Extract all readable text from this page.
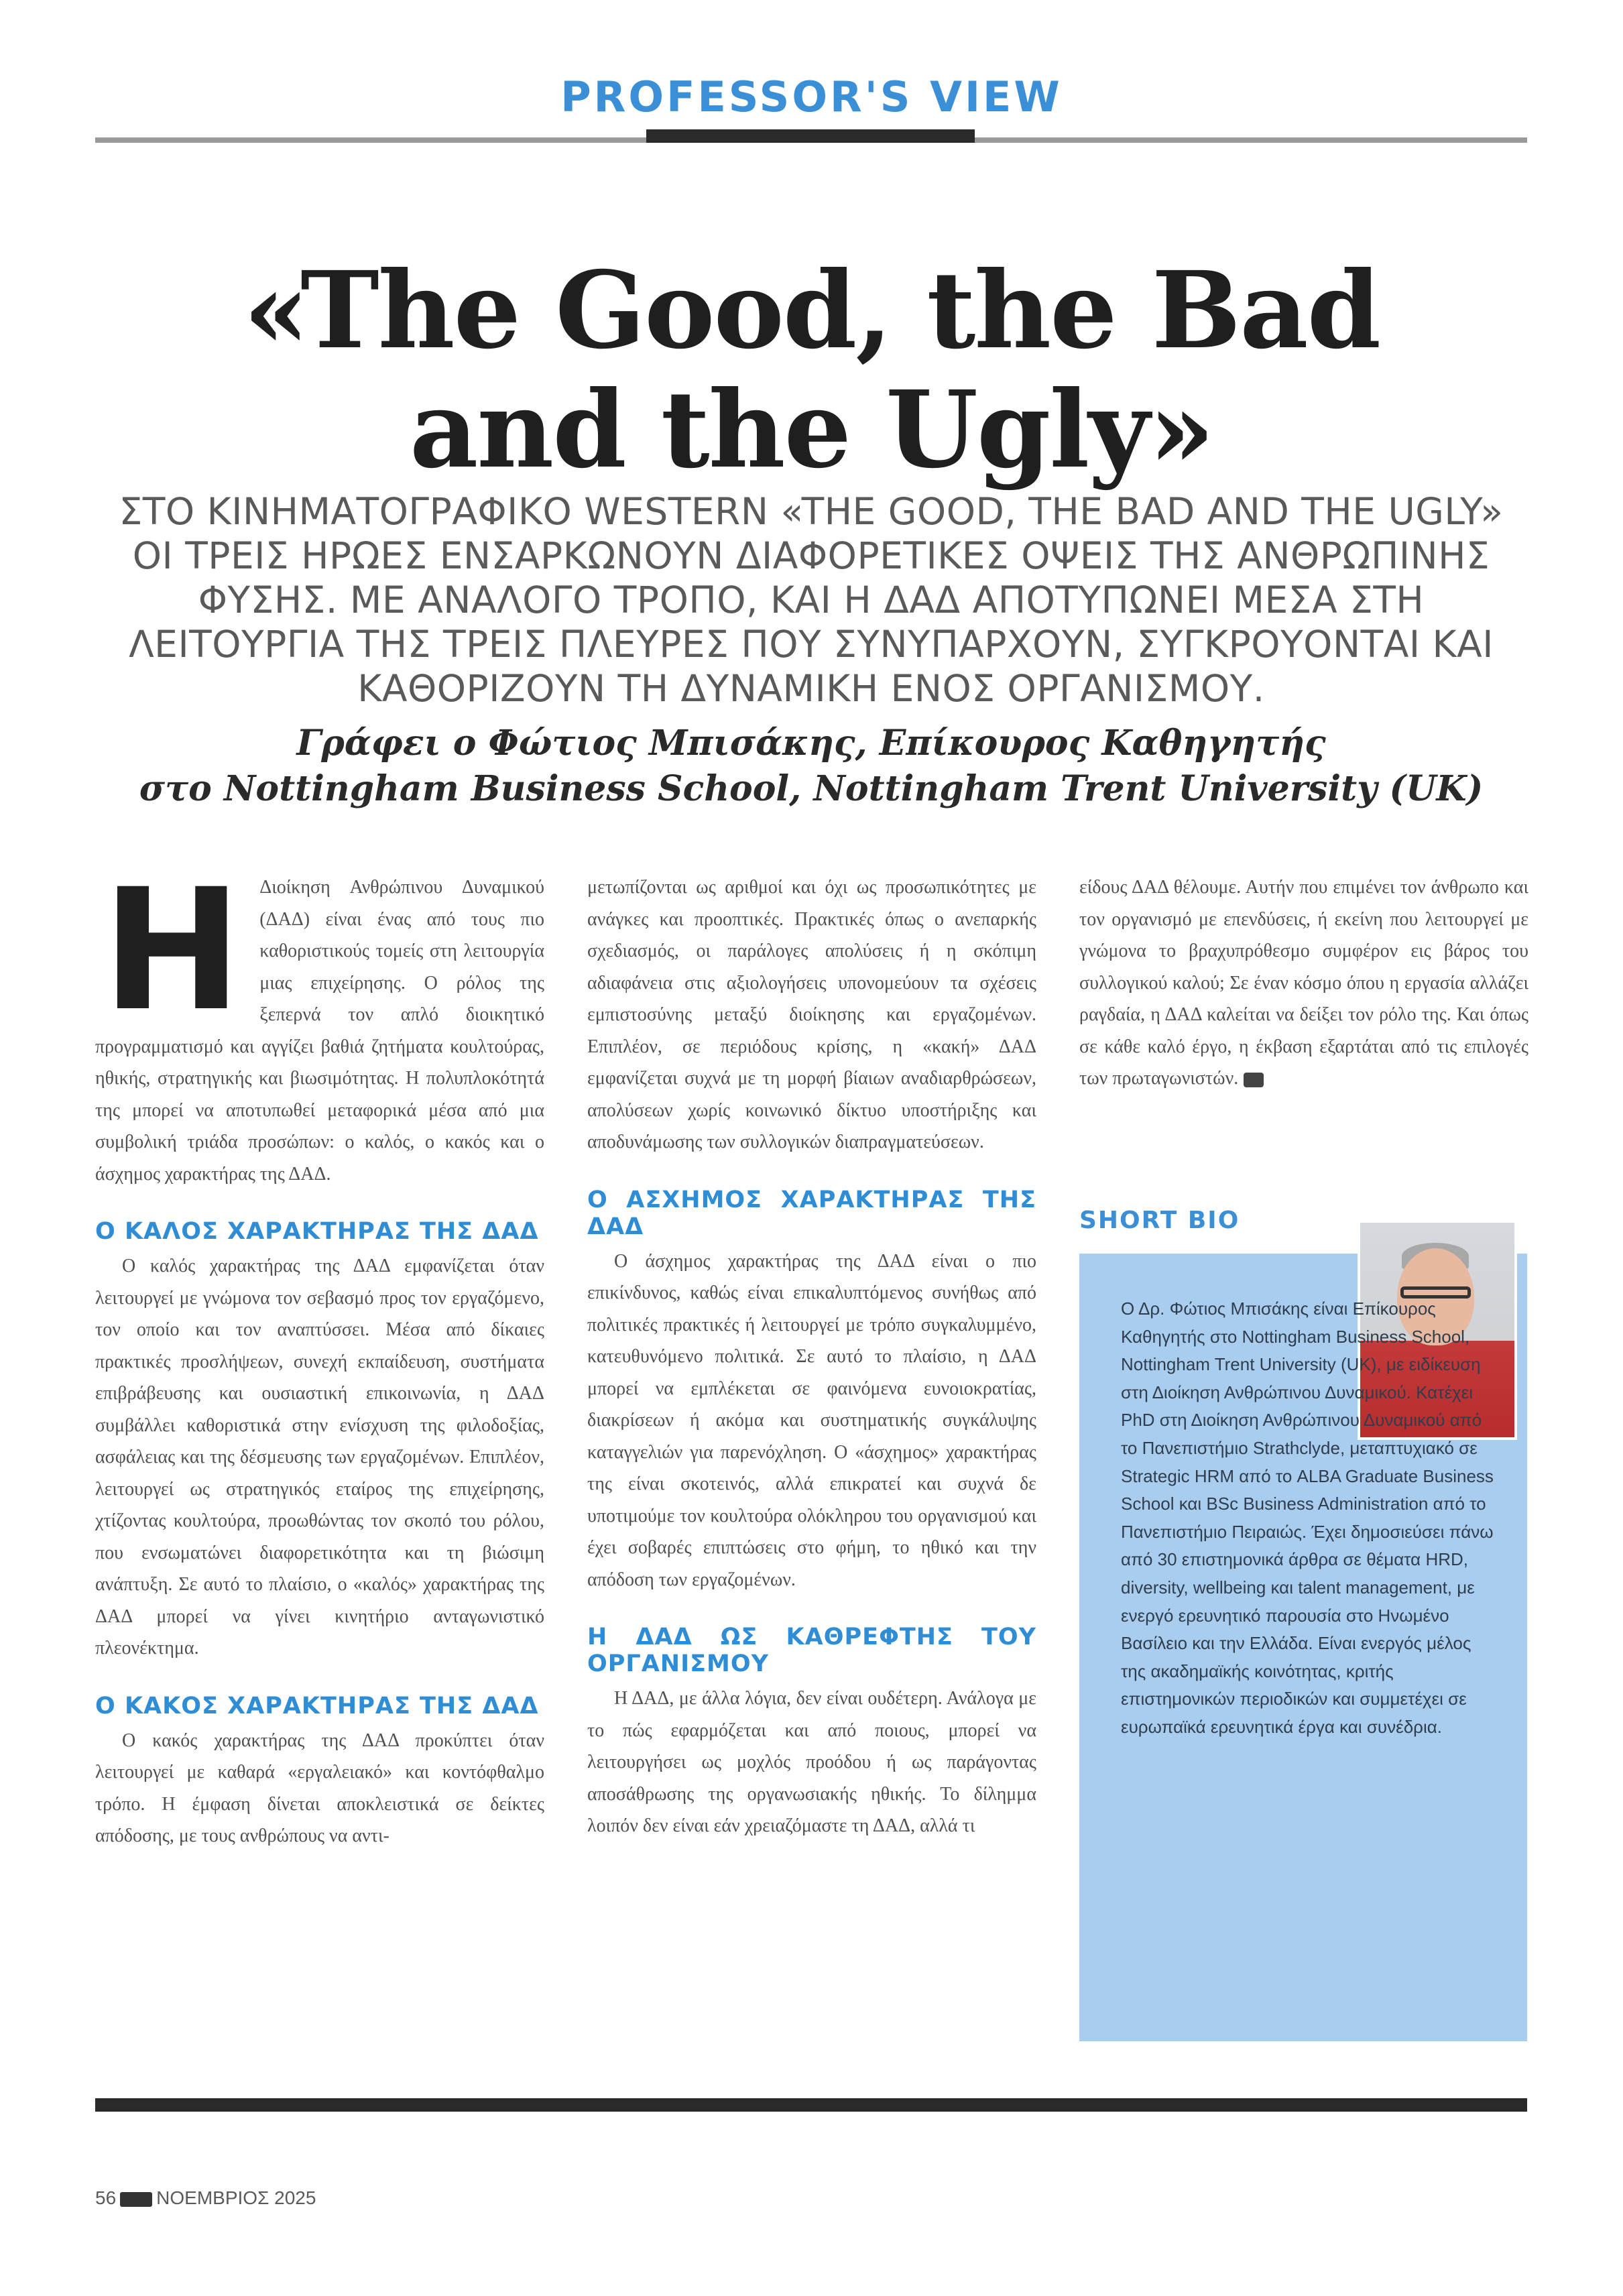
PROFESSOR'S VIEW
«The Good, the Bad
and the Ugly»

ΣΤΟ ΚΙΝΗΜΑΤΟΓΡΑΦΙΚΟ WESTERN «THE GOOD, THE BAD AND THE UGLY» ΟΙ ΤΡΕΙΣ ΗΡΩΕΣ ΕΝΣΑΡΚΩΝΟΥΝ ΔΙΑΦΟΡΕΤΙΚΕΣ ΟΨΕΙΣ ΤΗΣ ΑΝΘΡΩΠΙΝΗΣ ΦΥΣΗΣ. ΜΕ ΑΝΑΛΟΓΟ ΤΡΟΠΟ, ΚΑΙ Η ΔΑΔ ΑΠΟΤΥΠΩΝΕΙ ΜΕΣΑ ΣΤΗ ΛΕΙΤΟΥΡΓΙΑ ΤΗΣ ΤΡΕΙΣ ΠΛΕΥΡΕΣ ΠΟΥ ΣΥΝΥΠΑΡΧΟΥΝ, ΣΥΓΚΡΟΥΟΝΤΑΙ ΚΑΙ ΚΑΘΟΡΙΖΟΥΝ ΤΗ ΔΥΝΑΜΙΚΗ ΕΝΟΣ ΟΡΓΑΝΙΣΜΟΥ.

Γράφει ο Φώτιος Μπισάκης, Επίκουρος Καθηγητής
στο Nottingham Business School, Nottingham Trent University (UK)

Η Διοίκηση Ανθρώπινου Δυναμικού (ΔΑΔ) είναι ένας από τους πιο καθοριστικούς τομείς στη λειτουργία μιας επιχείρησης. Ο ρόλος της ξεπερνά τον απλό διοικητικό προγραμματισμό και αγγίζει βαθιά ζητήματα κουλτούρας, ηθικής, στρατηγικής και βιωσιμότητας. Η πολυπλοκότητά της μπορεί να αποτυπωθεί μεταφορικά μέσα από μια συμβολική τριάδα προσώπων: ο καλός, ο κακός και ο άσχημος χαρακτήρας της ΔΑΔ.

Ο ΚΑΛΟΣ ΧΑΡΑΚΤΗΡΑΣ ΤΗΣ ΔΑΔ

Ο καλός χαρακτήρας της ΔΑΔ εμφανίζεται όταν λειτουργεί με γνώμονα τον σεβασμό προς τον εργαζόμενο, τον οποίο και τον αναπτύσσει. Μέσα από δίκαιες πρακτικές προσλήψεων, συνεχή εκπαίδευση, συστήματα επιβράβευσης και ουσιαστική επικοινωνία, η ΔΑΔ συμβάλλει καθοριστικά στην ενίσχυση της φιλοδοξίας, ασφάλειας και της δέσμευσης των εργαζομένων. Επιπλέον, λειτουργεί ως στρατηγικός εταίρος της επιχείρησης, χτίζοντας κουλτούρα, προωθώντας τον σκοπό του ρόλου, που ενσωματώνει διαφορετικότητα και τη βιώσιμη ανάπτυξη. Σε αυτό το πλαίσιο, ο «καλός» χαρακτήρας της ΔΑΔ μπορεί να γίνει κινητήριο ανταγωνιστικό πλεονέκτημα.

Ο ΚΑΚΟΣ ΧΑΡΑΚΤΗΡΑΣ ΤΗΣ ΔΑΔ

Ο κακός χαρακτήρας της ΔΑΔ προκύπτει όταν λειτουργεί με καθαρά «εργαλειακό» και κοντόφθαλμο τρόπο. Η έμφαση δίνεται αποκλειστικά σε δείκτες απόδοσης, με τους ανθρώπους να αντι-

μετωπίζονται ως αριθμοί και όχι ως προσωπικότητες με ανάγκες και προοπτικές. Πρακτικές όπως ο ανεπαρκής σχεδιασμός, οι παράλογες απολύσεις ή η σκόπιμη αδιαφάνεια στις αξιολογήσεις υπονομεύουν τα σχέσεις εμπιστοσύνης μεταξύ διοίκησης και εργαζομένων. Επιπλέον, σε περιόδους κρίσης, η «κακή» ΔΑΔ εμφανίζεται συχνά με τη μορφή βίαιων αναδιαρθρώσεων, απολύσεων χωρίς κοινωνικό δίκτυο υποστήριξης και αποδυνάμωσης των συλλογικών διαπραγματεύσεων.

Ο ΑΣΧΗΜΟΣ ΧΑΡΑΚΤΗΡΑΣ ΤΗΣ ΔΑΔ

Ο άσχημος χαρακτήρας της ΔΑΔ είναι ο πιο επικίνδυνος, καθώς είναι επικαλυπτόμενος συνήθως από πολιτικές πρακτικές ή λειτουργεί με τρόπο συγκαλυμμένο, κατευθυνόμενο πολιτικά. Σε αυτό το πλαίσιο, η ΔΑΔ μπορεί να εμπλέκεται σε φαινόμενα ευνοιοκρατίας, διακρίσεων ή ακόμα και συστηματικής συγκάλυψης καταγγελιών για παρενόχληση. Ο «άσχημος» χαρακτήρας της είναι σκοτεινός, αλλά επικρατεί και συχνά δε υποτιμούμε τον κουλτούρα ολόκληρου του οργανισμού και έχει σοβαρές επιπτώσεις στο φήμη, το ηθικό και την απόδοση των εργαζομένων.

Η ΔΑΔ ΩΣ ΚΑΘΡΕΦΤΗΣ ΤΟΥ ΟΡΓΑΝΙΣΜΟΥ

Η ΔΑΔ, με άλλα λόγια, δεν είναι ουδέτερη. Ανάλογα με το πώς εφαρμόζεται και από ποιους, μπορεί να λειτουργήσει ως μοχλός προόδου ή ως παράγοντας αποσάθρωσης της οργανωσιακής ηθικής. Το δίλημμα λοιπόν δεν είναι εάν χρειαζόμαστε τη ΔΑΔ, αλλά τι

είδους ΔΑΔ θέλουμε. Αυτήν που επιμένει τον άνθρωπο και τον οργανισμό με επενδύσεις, ή εκείνη που λειτουργεί με γνώμονα το βραχυπρόθεσμο συμφέρον εις βάρος του συλλογικού καλού; Σε έναν κόσμο όπου η εργασία αλλάζει ραγδαία, η ΔΑΔ καλείται να δείξει τον ρόλο της. Και όπως σε κάθε καλό έργο, η έκβαση εξαρτάται από τις επιλογές των πρωταγωνιστών.

SHORT BIO

Ο Δρ. Φώτιος Μπισάκης είναι Επίκουρος Καθηγητής στο Nottingham Business School, Nottingham Trent University (UK), με ειδίκευση στη Διοίκηση Ανθρώπινου Δυναμικού. Κατέχει PhD στη Διοίκηση Ανθρώπινου Δυναμικού από το Πανεπιστήμιο Strathclyde, μεταπτυχιακό σε Strategic HRM από το ALBA Graduate Business School και BSc Business Administration από το Πανεπιστήμιο Πειραιώς. Έχει δημοσιεύσει πάνω από 30 επιστημονικά άρθρα σε θέματα HRD, diversity, wellbeing και talent management, με ενεργό ερευνητικό παρουσία στο Ηνωμένο Βασίλειο και την Ελλάδα. Είναι ενεργός μέλος της ακαδημαϊκής κοινότητας, κριτής επιστημονικών περιοδικών και συμμετέχει σε ευρωπαϊκά ερευνητικά έργα και συνέδρια.

56 ΝΟΕΜΒΡΙΟΣ 2025
